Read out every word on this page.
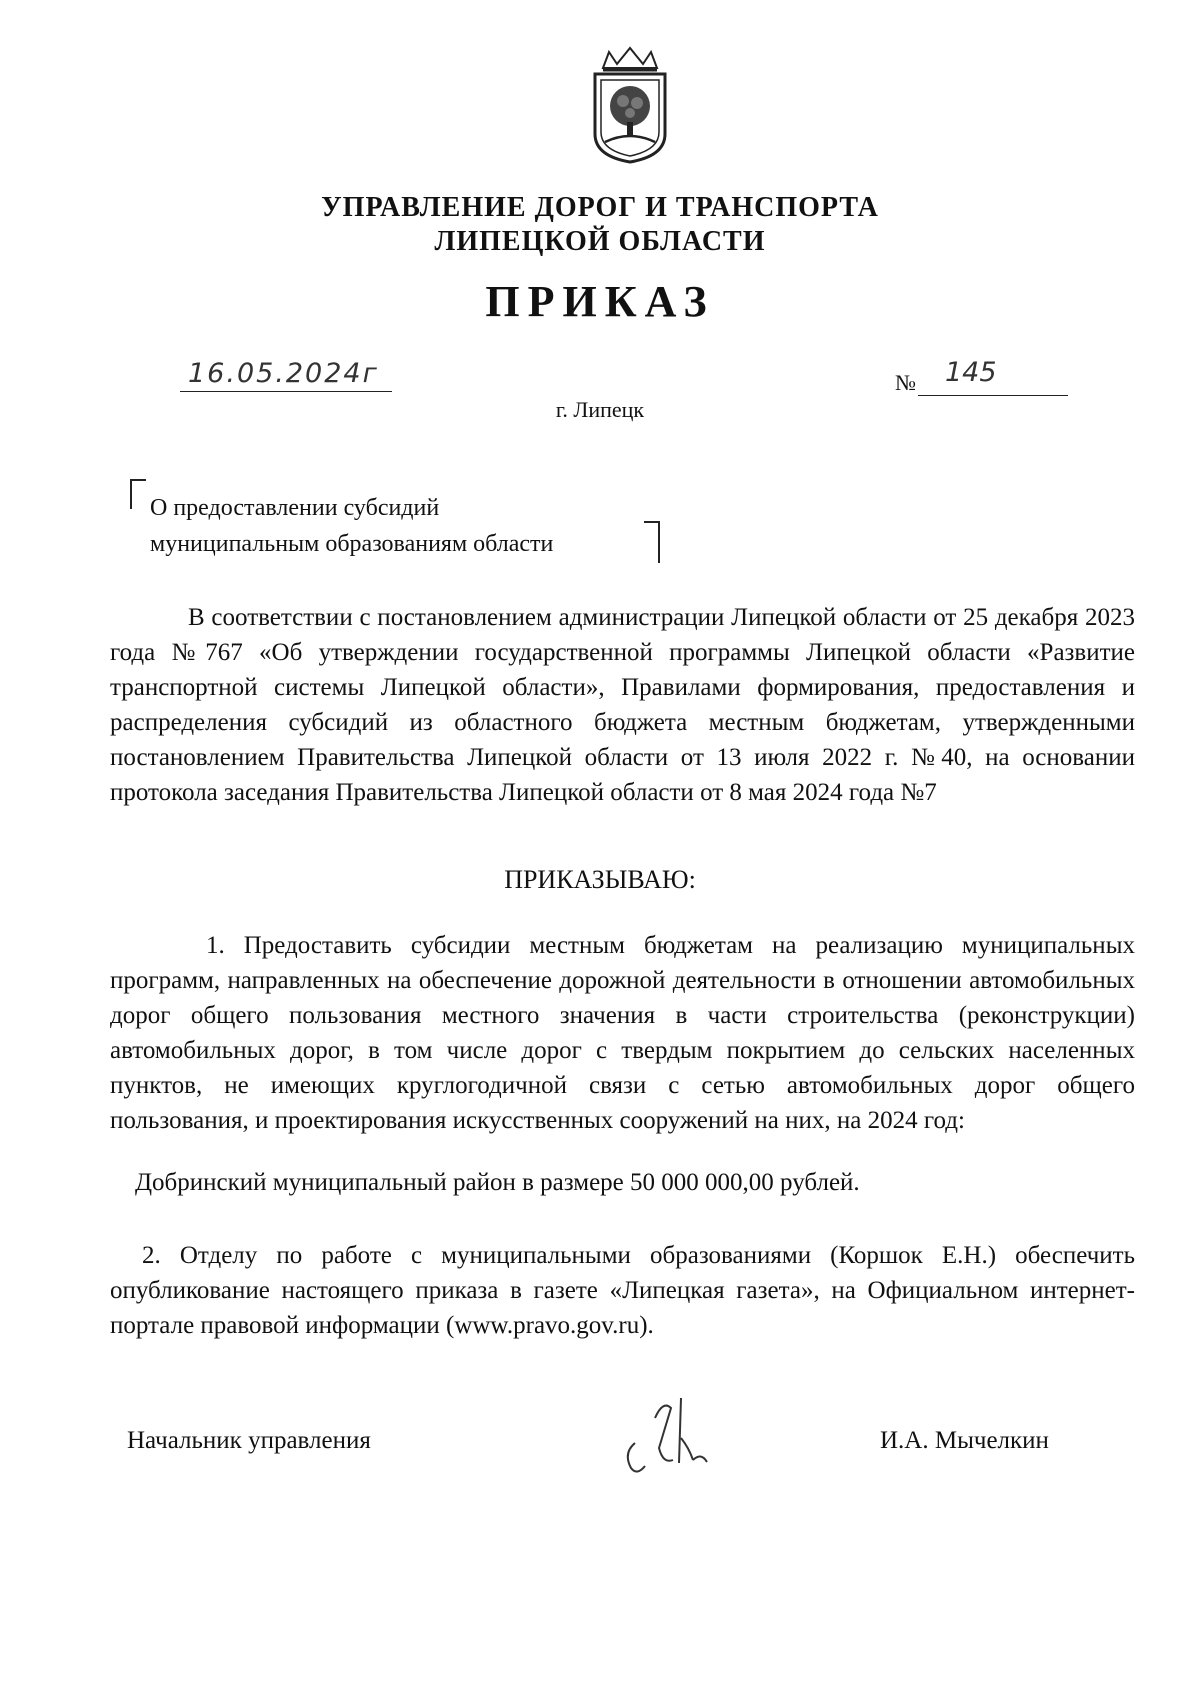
УПРАВЛЕНИЕ ДОРОГ И ТРАНСПОРТА
ЛИПЕЦКОЙ ОБЛАСТИ
ПРИКАЗ
16.05.2024г	№ 145
г. Липецк
О предоставлении субсидий
муниципальным образованиям области
В соответствии с постановлением администрации Липецкой области от 25 декабря 2023 года №767 «Об утверждении государственной программы Липецкой области «Развитие транспортной системы Липецкой области», Правилами формирования, предоставления и распределения субсидий из областного бюджета местным бюджетам, утвержденными постановлением Правительства Липецкой области от 13 июля 2022 г. №40, на основании протокола заседания Правительства Липецкой области от 8 мая 2024 года №7
ПРИКАЗЫВАЮ:
1. Предоставить субсидии местным бюджетам на реализацию муниципальных программ, направленных на обеспечение дорожной деятельности в отношении автомобильных дорог общего пользования местного значения в части строительства (реконструкции) автомобильных дорог, в том числе дорог с твердым покрытием до сельских населенных пунктов, не имеющих круглогодичной связи с сетью автомобильных дорог общего пользования, и проектирования искусственных сооружений на них, на 2024 год:
Добринский муниципальный район в размере 50 000 000,00 рублей.
2. Отделу по работе с муниципальными образованиями (Коршок Е.Н.) обеспечить опубликование настоящего приказа в газете «Липецкая газета», на Официальном интернет-портале правовой информации (www.pravo.gov.ru).
Начальник управления	И.А. Мычелкин
